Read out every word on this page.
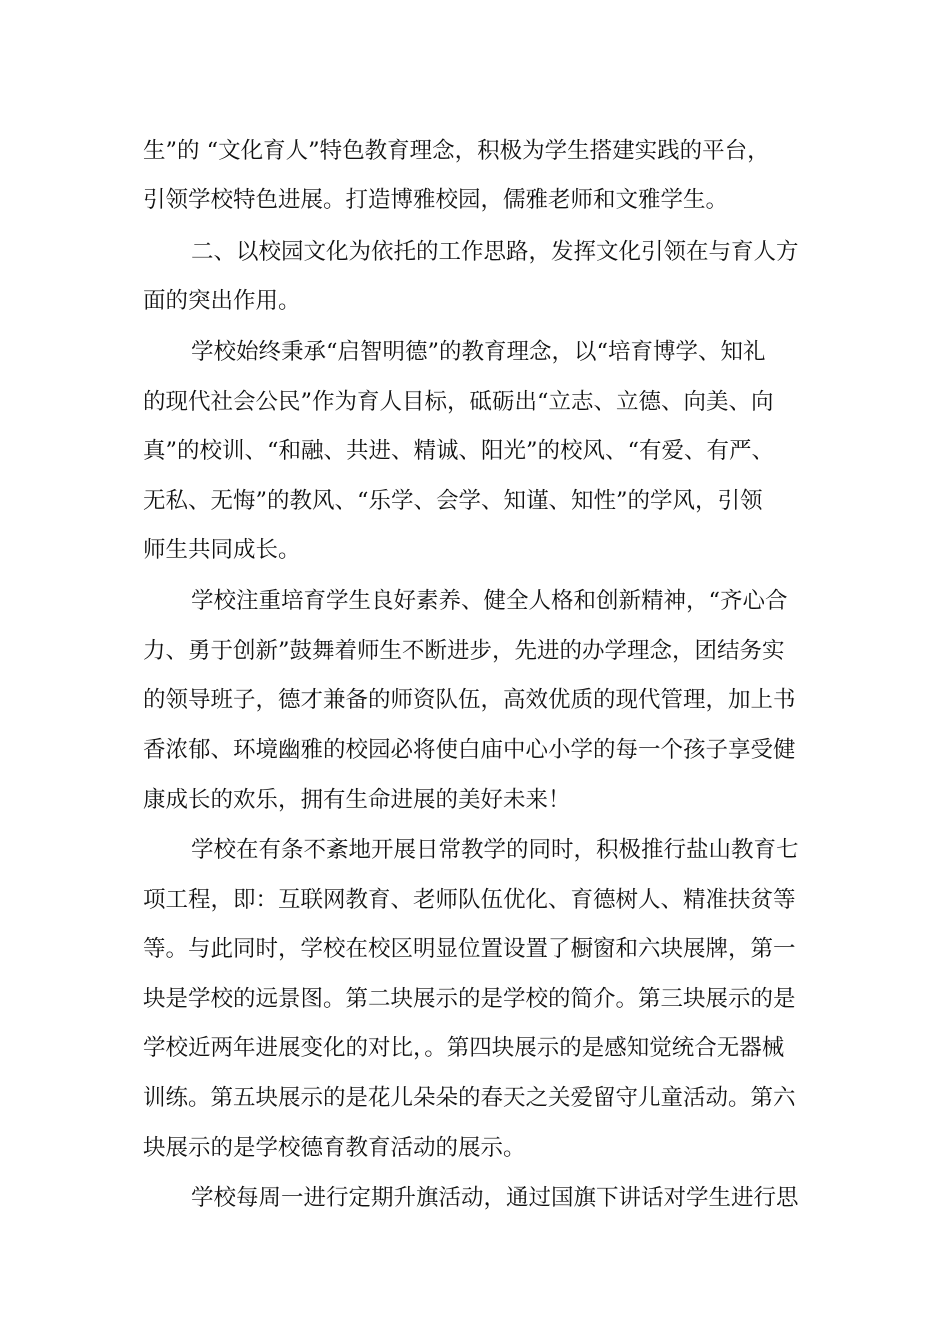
生”的 “文化育人”特色教育理念，积极为学生搭建实践的平台，

引领学校特色进展。打造博雅校园，儒雅老师和文雅学生。

二、以校园文化为依托的工作思路，发挥文化引领在与育人方

面的突出作用。

学校始终秉承“启智明德”的教育理念，以“培育博学、知礼

的现代社会公民”作为育人目标，砥砺出“立志、立德、向美、向

真”的校训、“和融、共进、精诚、阳光”的校风、“有爱、有严、

无私、无悔”的教风、“乐学、会学、知谨、知性”的学风，引领

师生共同成长。

学校注重培育学生良好素养、健全人格和创新精神，“齐心合

力、勇于创新”鼓舞着师生不断进步，先进的办学理念，团结务实

的领导班子，德才兼备的师资队伍，高效优质的现代管理，加上书

香浓郁、环境幽雅的校园必将使白庙中心小学的每一个孩子享受健

康成长的欢乐，拥有生命进展的美好未来！

学校在有条不紊地开展日常教学的同时，积极推行盐山教育七

项工程，即：互联网教育、老师队伍优化、育德树人、精准扶贫等

等。与此同时，学校在校区明显位置设置了橱窗和六块展牌，第一

块是学校的远景图。第二块展示的是学校的简介。第三块展示的是

学校近两年进展变化的对比，。第四块展示的是感知觉统合无器械

训练。第五块展示的是花儿朵朵的春天之关爱留守儿童活动。第六

块展示的是学校德育教育活动的展示。

学校每周一进行定期升旗活动，通过国旗下讲话对学生进行思
